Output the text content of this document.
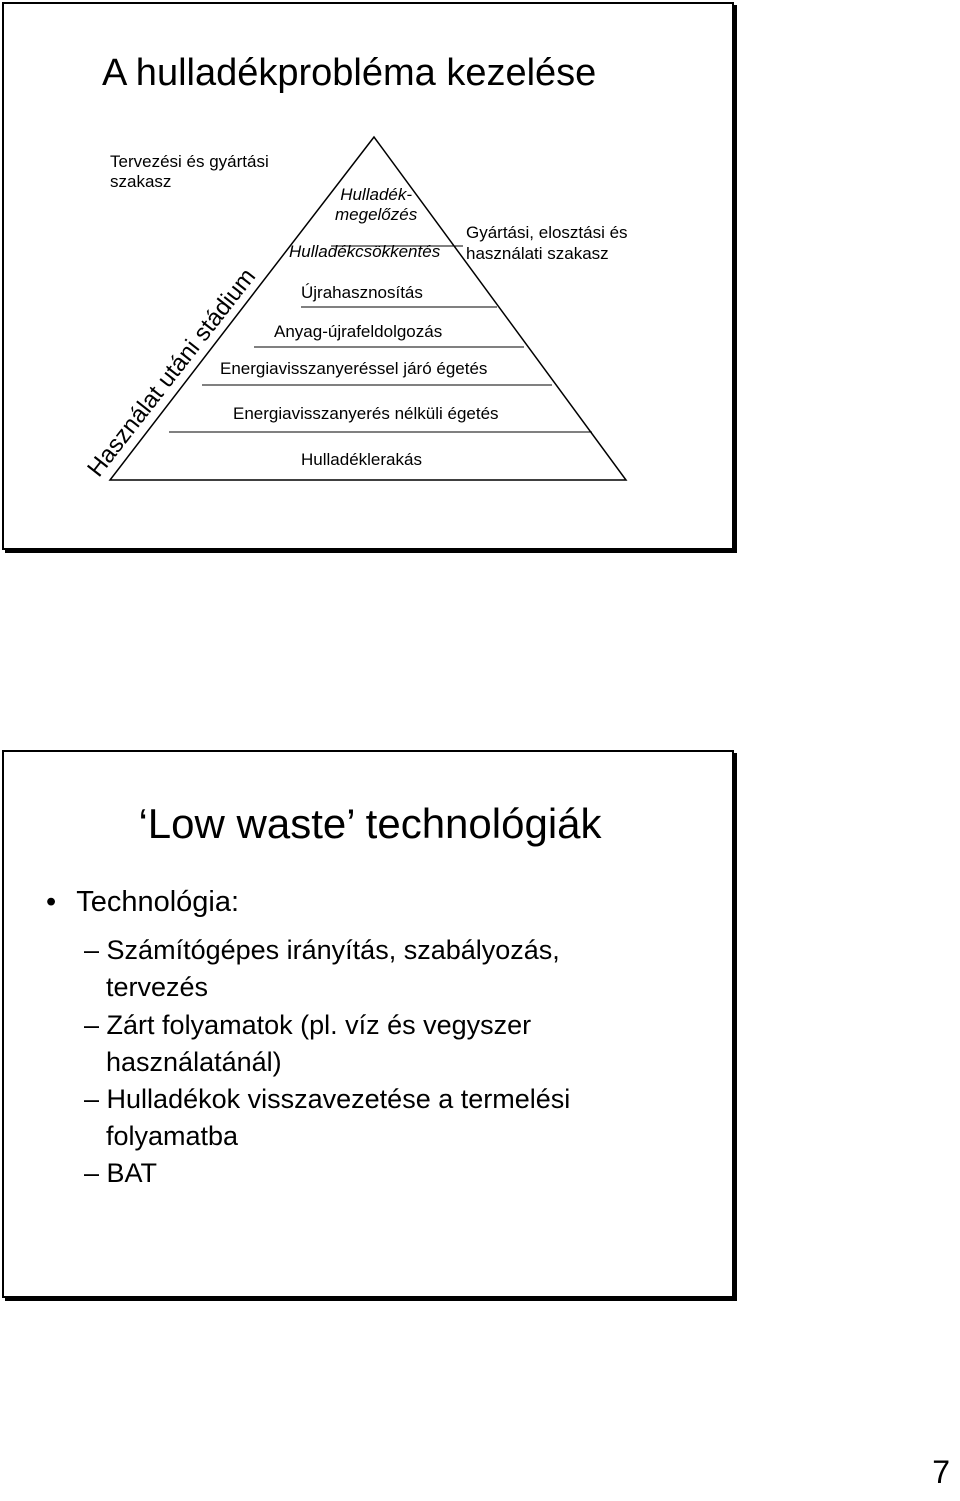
A hulladékprobléma kezelése
Tervezési és gyártási
szakasz
Hulladék-
megelőzés
Hulladékcsökkentés
Gyártási, elosztási és
használati szakasz
Újrahasznosítás
Anyag-újrafeldolgozás
Energiavisszanyeréssel járó égetés
Energiavisszanyerés nélküli égetés
Hulladéklerakás
Használat utáni stádium
‘Low waste’ technológiák
• Technológia:
– Számítógépes irányítás, szabályozás,
tervezés
– Zárt folyamatok (pl. víz és vegyszer
használatánál)
– Hulladékok visszavezetése a termelési
folyamatba
– BAT
7
